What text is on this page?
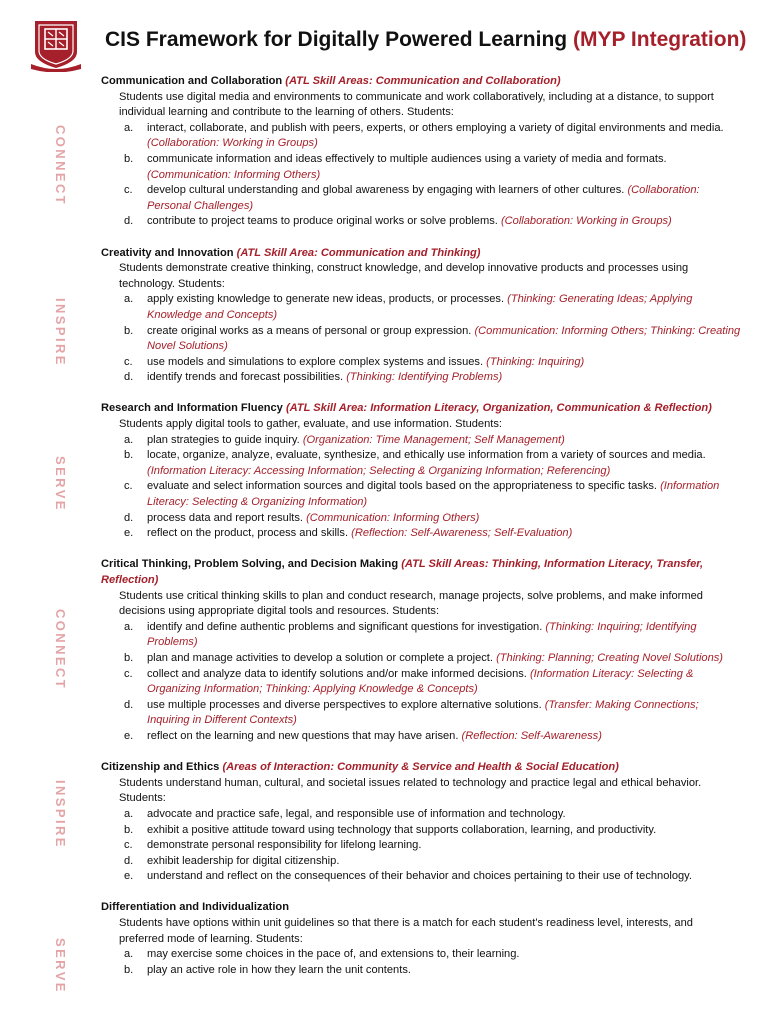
CIS Framework for Digitally Powered Learning (MYP Integration)
CONNECT
INSPIRE
SERVE
CONNECT
INSPIRE
SERVE
Communication and Collaboration (ATL Skill Areas: Communication and Collaboration)
Students use digital media and environments to communicate and work collaboratively, including at a distance, to support individual learning and contribute to the learning of others. Students:
a. interact, collaborate, and publish with peers, experts, or others employing a variety of digital environments and media. (Collaboration: Working in Groups)
b. communicate information and ideas effectively to multiple audiences using a variety of media and formats. (Communication: Informing Others)
c. develop cultural understanding and global awareness by engaging with learners of other cultures. (Collaboration: Personal Challenges)
d. contribute to project teams to produce original works or solve problems. (Collaboration: Working in Groups)
Creativity and Innovation (ATL Skill Area: Communication and Thinking)
Students demonstrate creative thinking, construct knowledge, and develop innovative products and processes using technology. Students:
a. apply existing knowledge to generate new ideas, products, or processes. (Thinking: Generating Ideas; Applying Knowledge and Concepts)
b. create original works as a means of personal or group expression. (Communication: Informing Others; Thinking: Creating Novel Solutions)
c. use models and simulations to explore complex systems and issues. (Thinking: Inquiring)
d. identify trends and forecast possibilities. (Thinking: Identifying Problems)
Research and Information Fluency (ATL Skill Area: Information Literacy, Organization, Communication & Reflection)
Students apply digital tools to gather, evaluate, and use information. Students:
a. plan strategies to guide inquiry. (Organization: Time Management; Self Management)
b. locate, organize, analyze, evaluate, synthesize, and ethically use information from a variety of sources and media. (Information Literacy: Accessing Information; Selecting & Organizing Information; Referencing)
c. evaluate and select information sources and digital tools based on the appropriateness to specific tasks. (Information Literacy: Selecting & Organizing Information)
d. process data and report results. (Communication: Informing Others)
e. reflect on the product, process and skills. (Reflection: Self-Awareness; Self-Evaluation)
Critical Thinking, Problem Solving, and Decision Making (ATL Skill Areas: Thinking, Information Literacy, Transfer, Reflection)
Students use critical thinking skills to plan and conduct research, manage projects, solve problems, and make informed decisions using appropriate digital tools and resources. Students:
a. identify and define authentic problems and significant questions for investigation. (Thinking: Inquiring; Identifying Problems)
b. plan and manage activities to develop a solution or complete a project. (Thinking: Planning; Creating Novel Solutions)
c. collect and analyze data to identify solutions and/or make informed decisions. (Information Literacy: Selecting & Organizing Information; Thinking: Applying Knowledge & Concepts)
d. use multiple processes and diverse perspectives to explore alternative solutions. (Transfer: Making Connections; Inquiring in Different Contexts)
e. reflect on the learning and new questions that may have arisen. (Reflection: Self-Awareness)
Citizenship and Ethics (Areas of Interaction: Community & Service and Health & Social Education)
Students understand human, cultural, and societal issues related to technology and practice legal and ethical behavior. Students:
a. advocate and practice safe, legal, and responsible use of information and technology.
b. exhibit a positive attitude toward using technology that supports collaboration, learning, and productivity.
c. demonstrate personal responsibility for lifelong learning.
d. exhibit leadership for digital citizenship.
e. understand and reflect on the consequences of their behavior and choices pertaining to their use of technology.
Differentiation and Individualization
Students have options within unit guidelines so that there is a match for each student’s readiness level, interests, and preferred mode of learning. Students:
a. may exercise some choices in the pace of, and extensions to, their learning.
b. play an active role in how they learn the unit contents.
